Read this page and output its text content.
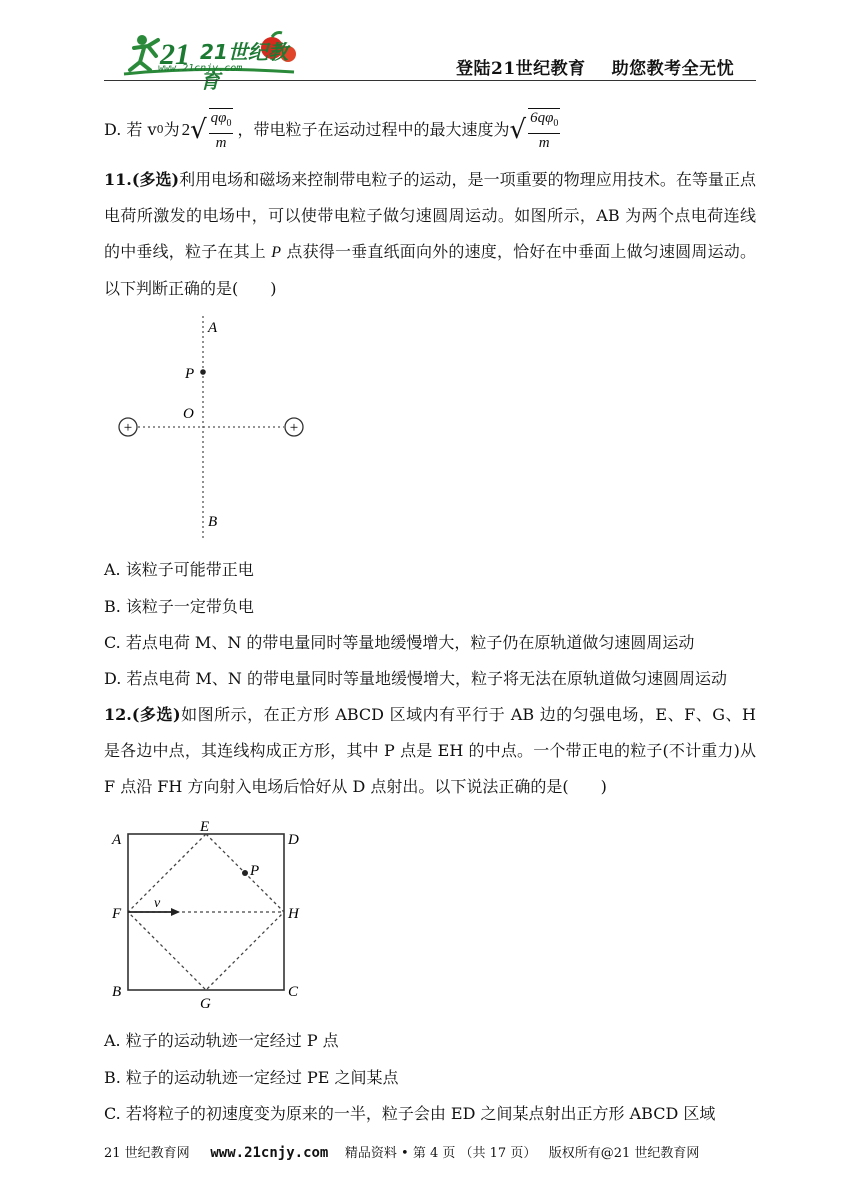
21 21世纪教育
www.21cnjy.com	登陆21世纪教育 助您教考全无忧
D. 若 v 0 为 2 √ $\frac{q\varphi_0}{m}$ ，带电粒子在运动过程中的最大速度为 √ $\frac{6q\varphi_0}{m}$
11.(多选)利用电场和磁场来控制带电粒子的运动，是一项重要的物理应用技术。在等量正点电荷所激发的电场中，可以使带电粒子做匀速圆周运动。如图所示，AB 为两个点电荷连线的中垂线，粒子在其上 P 点获得一垂直纸面向外的速度，恰好在中垂面上做匀速圆周运动。以下判断正确的是(　　)
+	+
A
P
O
B
A. 该粒子可能带正电
B. 该粒子一定带负电
C. 若点电荷 M、N 的带电量同时等量地缓慢增大，粒子仍在原轨道做匀速圆周运动
D. 若点电荷 M、N 的带电量同时等量地缓慢增大，粒子将无法在原轨道做匀速圆周运动
12.(多选)如图所示，在正方形 ABCD 区域内有平行于 AB 边的匀强电场，E、F、G、H 是各边中点，其连线构成正方形，其中 P 点是 EH 的中点。一个带正电的粒子(不计重力)从 F 点沿 FH 方向射入电场后恰好从 D 点射出。以下说法正确的是(　　)
A	D
B	C
E
F
G
H
P
v
A. 粒子的运动轨迹一定经过 P 点
B. 粒子的运动轨迹一定经过 PE 之间某点
C. 若将粒子的初速度变为原来的一半，粒子会由 ED 之间某点射出正方形 ABCD 区域
21 世纪教育网 www.21cnjy.com 精品资料 • 第 4 页 （共 17 页） 版权所有@21 世纪教育网
